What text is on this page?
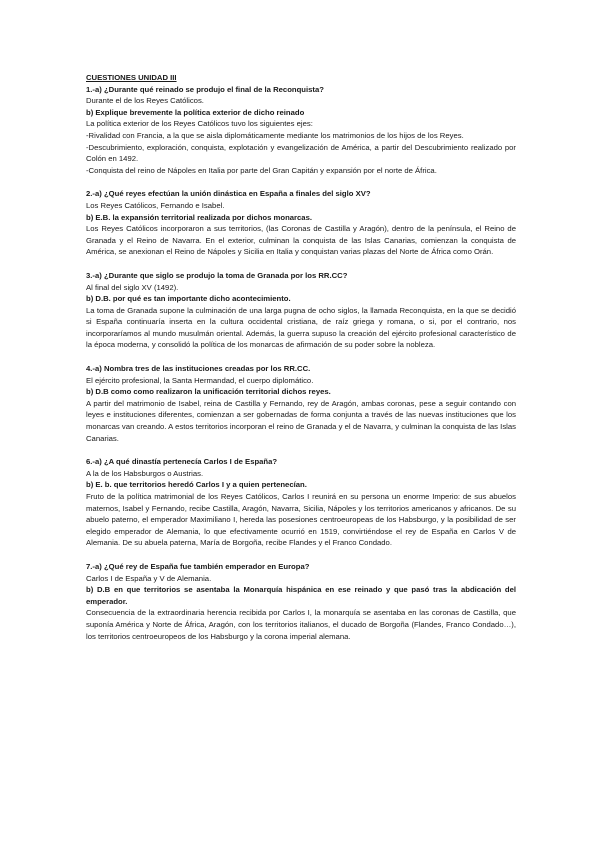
CUESTIONES UNIDAD III

1.-a) ¿Durante qué reinado se produjo el final de la Reconquista?

Durante el de los Reyes Católicos.

b) Explique brevemente la política exterior de dicho reinado

La política exterior de los Reyes Católicos tuvo los siguientes ejes:

-Rivalidad con Francia, a la que se aisla diplomáticamente mediante los matrimonios de los hijos de los Reyes.

-Descubrimiento, exploración, conquista, explotación y evangelización de América, a partir del Descubrimiento realizado por Colón en 1492.

-Conquista del reino de Nápoles en Italia por parte del Gran Capitán y expansión por el norte de África.

2.-a) ¿Qué reyes efectúan la unión dinástica en España a finales del siglo XV?

Los Reyes Católicos, Fernando e Isabel.

b) E.B. la expansión territorial realizada por dichos monarcas.

Los Reyes Católicos incorporaron a sus territorios, (las Coronas de Castilla y Aragón), dentro de la península, el Reino de Granada y el Reino de Navarra. En el exterior, culminan la conquista de las Islas Canarias, comienzan la conquista de América, se anexionan el Reino de Nápoles y Sicilia en Italia y conquistan varias plazas del Norte de África como Orán.

3.-a) ¿Durante que siglo se produjo la toma de Granada por los RR.CC?

Al final del siglo XV (1492).

b) D.B. por qué es tan importante dicho acontecimiento.

La toma de Granada supone la culminación de una larga pugna de ocho siglos, la llamada Reconquista, en la que se decidió si España continuaría inserta en la cultura occidental cristiana, de raíz griega y romana, o si, por el contrario, nos incorporaríamos al mundo musulmán oriental. Además, la guerra supuso la creación del ejército profesional característico de la época moderna, y consolidó la política de los monarcas de afirmación de su poder sobre la nobleza.

4.-a) Nombra tres de las instituciones creadas por los RR.CC.

El ejército profesional, la Santa Hermandad, el cuerpo diplomático.

b) D.B como como realizaron la unificación territorial dichos reyes.

A partir del matrimonio de Isabel, reina de Castilla y Fernando, rey de Aragón, ambas coronas, pese a seguir contando con leyes e instituciones diferentes, comienzan a ser gobernadas de forma conjunta a través de las nuevas instituciones que los monarcas van creando. A estos territorios incorporan el reino de Granada y el de Navarra, y culminan la conquista de las Islas Canarias.

6.-a) ¿A qué dinastía pertenecía Carlos I de España?

A la de los Habsburgos o Austrias.

b) E. b. que territorios heredó Carlos I y a quien pertenecían.

Fruto de la política matrimonial de los Reyes Católicos, Carlos I reunirá en su persona un enorme Imperio: de sus abuelos maternos, Isabel y Fernando, recibe Castilla, Aragón, Navarra, Sicilia, Nápoles y los territorios americanos y africanos. De su abuelo paterno, el emperador Maximiliano I, hereda las posesiones centroeuropeas de los Habsburgo, y la posibilidad de ser elegido emperador de Alemania, lo que efectivamente ocurrió en 1519, convirtiéndose el rey de España en Carlos V de Alemania. De su abuela paterna, María de Borgoña, recibe Flandes y el Franco Condado.

7.-a) ¿Qué rey de España fue también emperador en Europa?

Carlos I de España y V de Alemania.

b) D.B en que territorios se asentaba la Monarquía hispánica en ese reinado y que pasó tras la abdicación del emperador.

Consecuencia de la extraordinaria herencia recibida por Carlos I, la monarquía se asentaba en las coronas de Castilla, que suponía América y Norte de África, Aragón, con los territorios italianos, el ducado de Borgoña (Flandes, Franco Condado…), los territorios centroeuropeos de los Habsburgo y la corona imperial alemana.
